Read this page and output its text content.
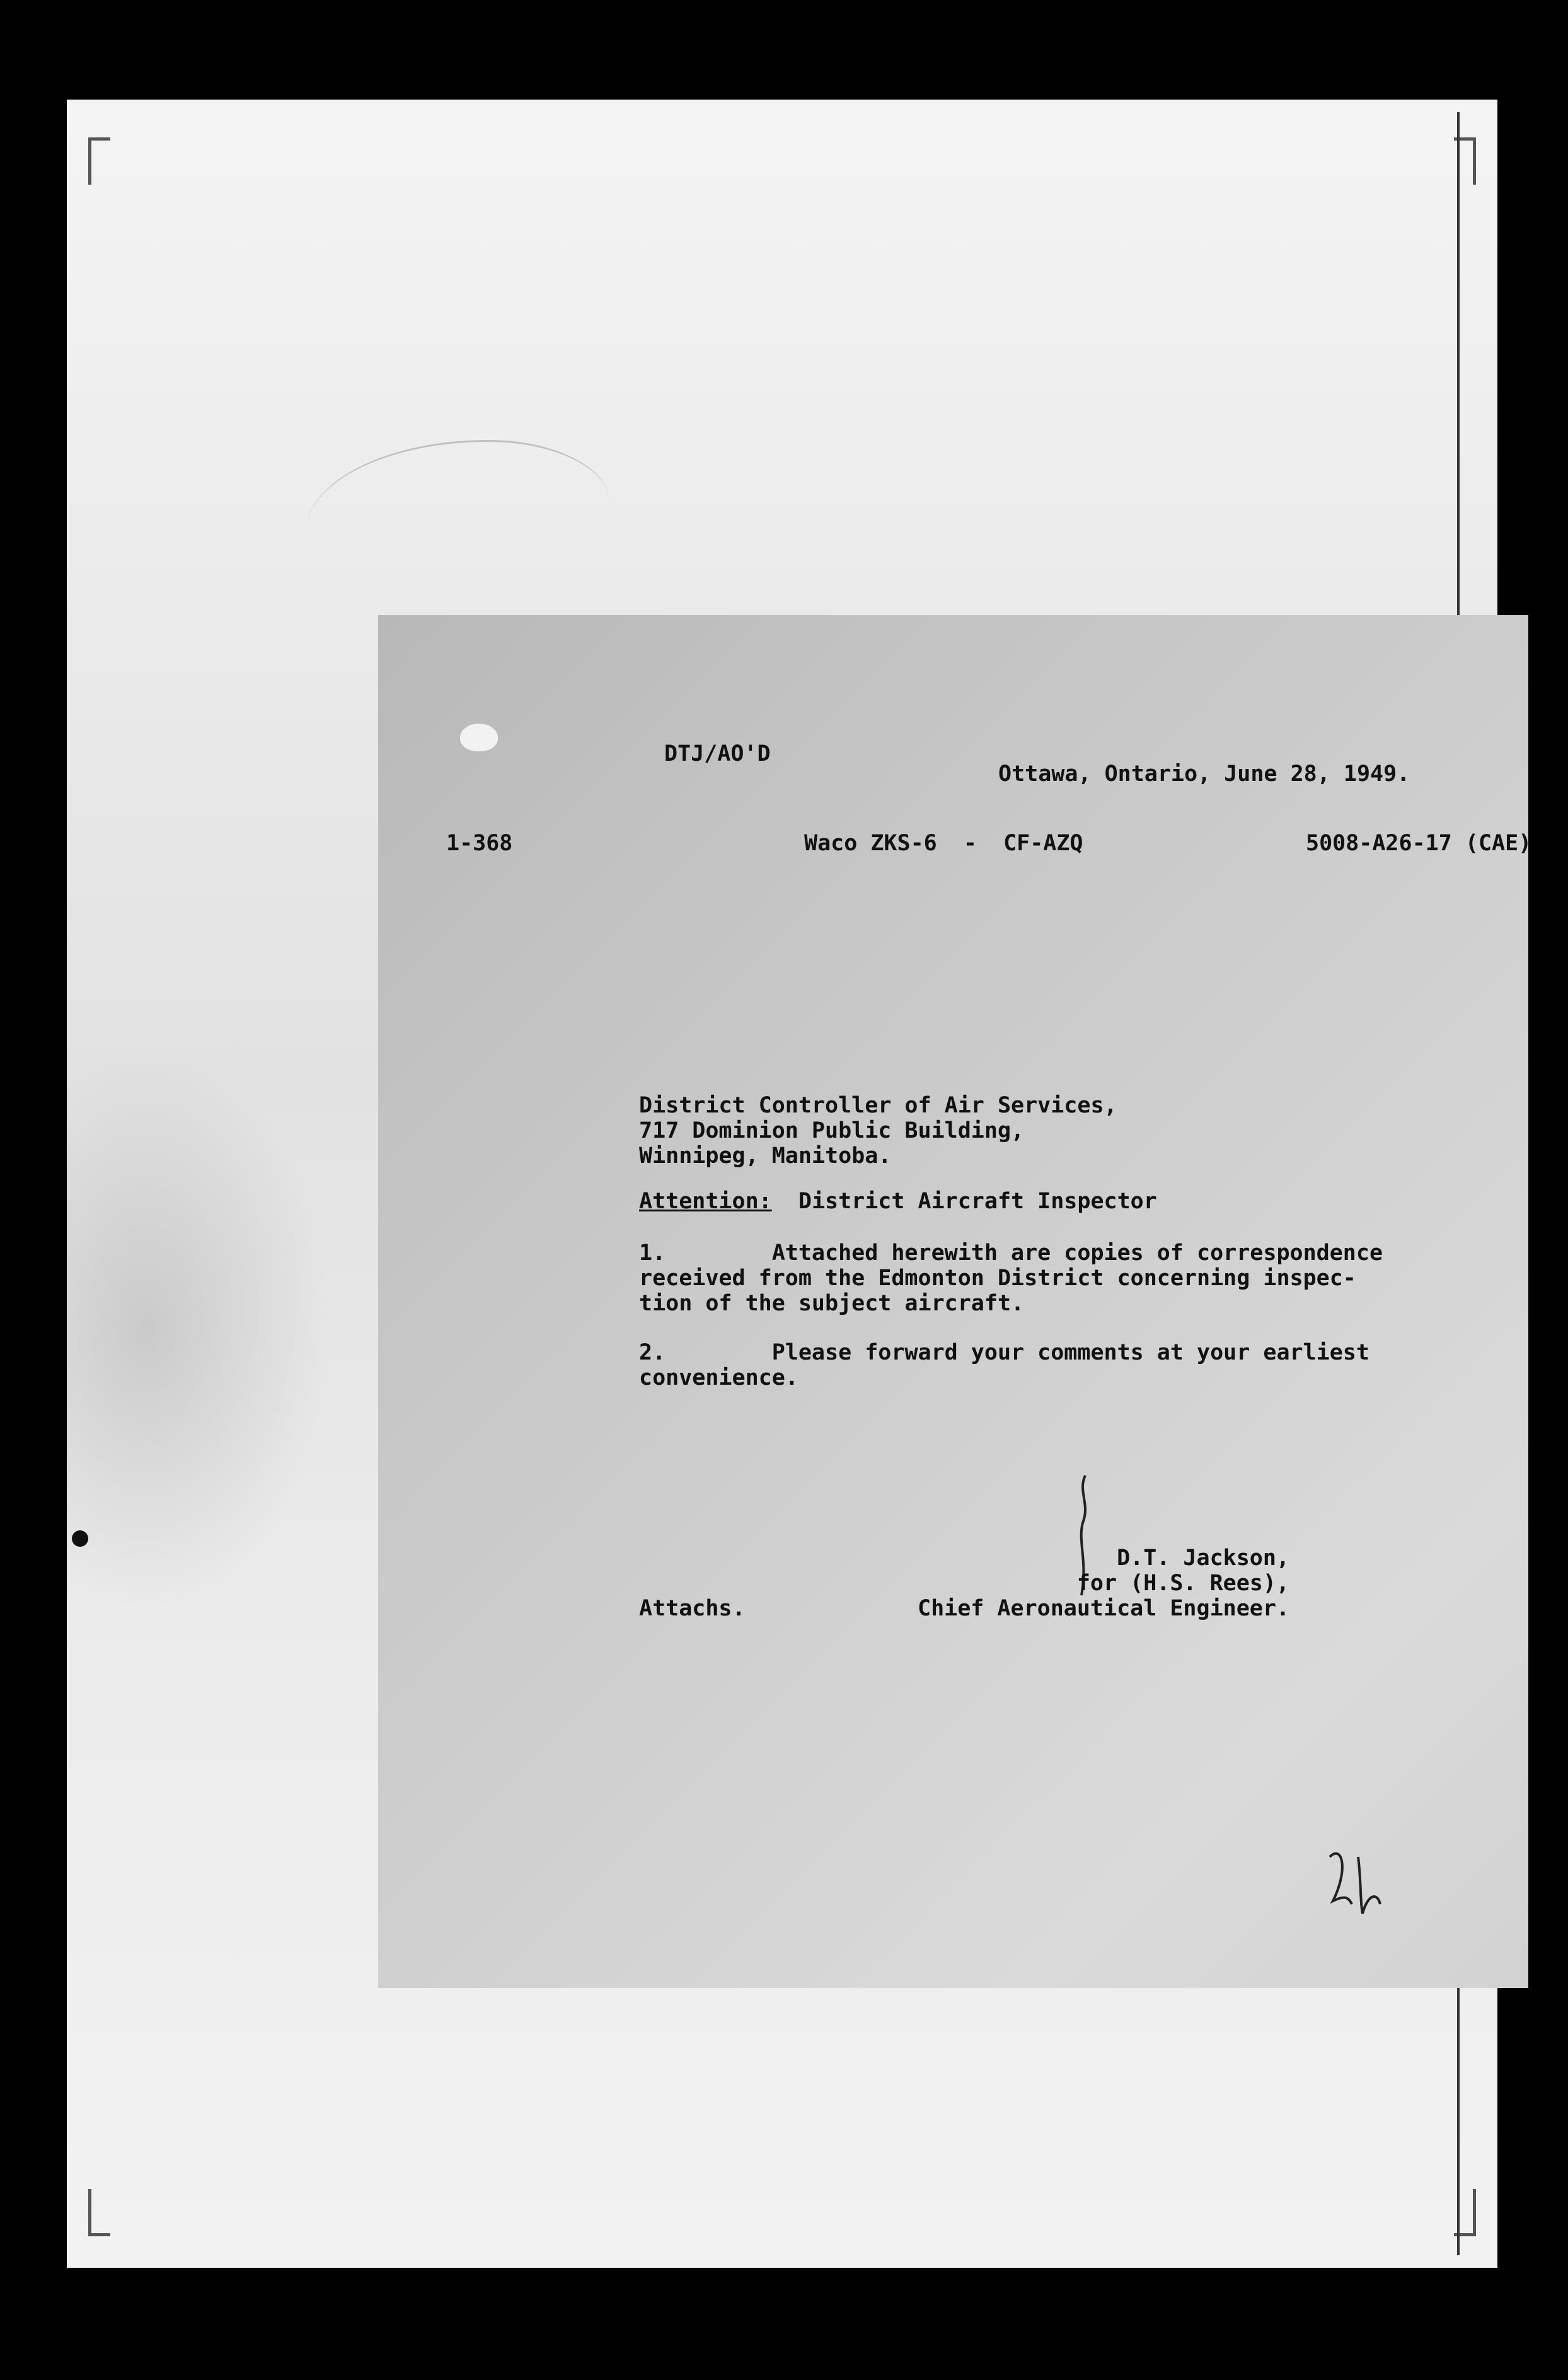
DTJ/AO'D
Ottawa, Ontario, June 28, 1949.
1-368	Waco ZKS-6  -  CF-AZQ	5008-A26-17 (CAE)
District Controller of Air Services,
717 Dominion Public Building,
Winnipeg, Manitoba.
Attention: District Aircraft Inspector
1.        Attached herewith are copies of correspondence
received from the Edmonton District concerning inspec-
tion of the subject aircraft.
2.        Please forward your comments at your earliest
convenience.
D.T. Jackson,
for (H.S. Rees),
Chief Aeronautical Engineer.
Attachs.
